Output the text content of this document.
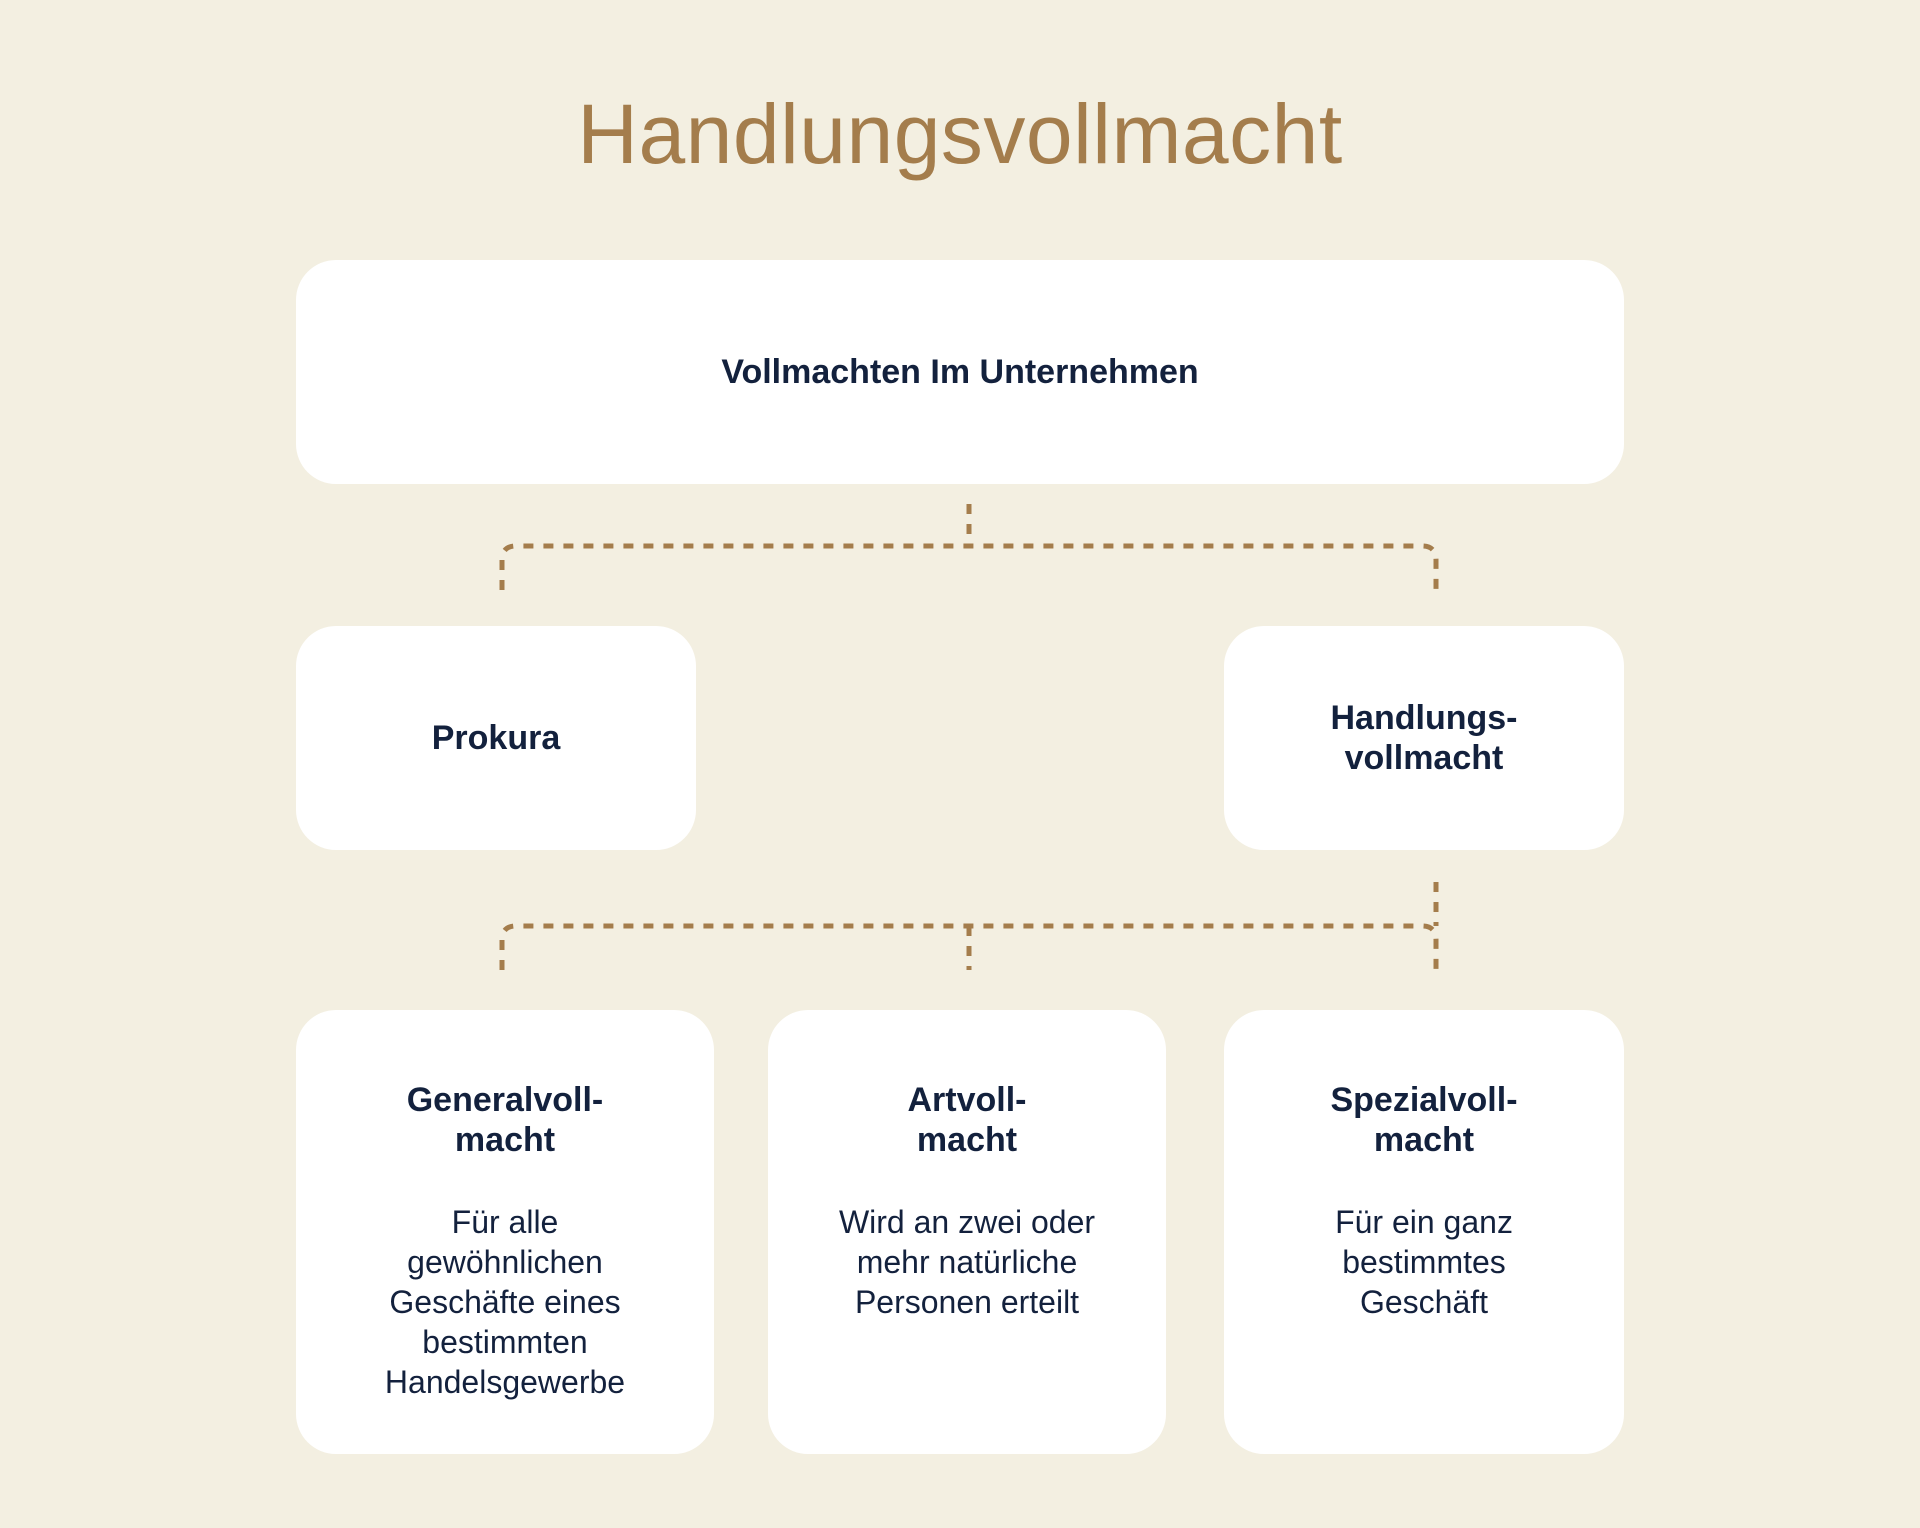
Handlungsvollmacht
Vollmachten Im Unternehmen
Prokura
Handlungs-
vollmacht
Generalvoll-
macht
Für alle
gewöhnlichen
Geschäfte eines
bestimmten
Handelsgewerbe
Artvoll-
macht
Wird an zwei oder
mehr natürliche
Personen erteilt
Spezialvoll-
macht
Für ein ganz
bestimmtes
Geschäft
